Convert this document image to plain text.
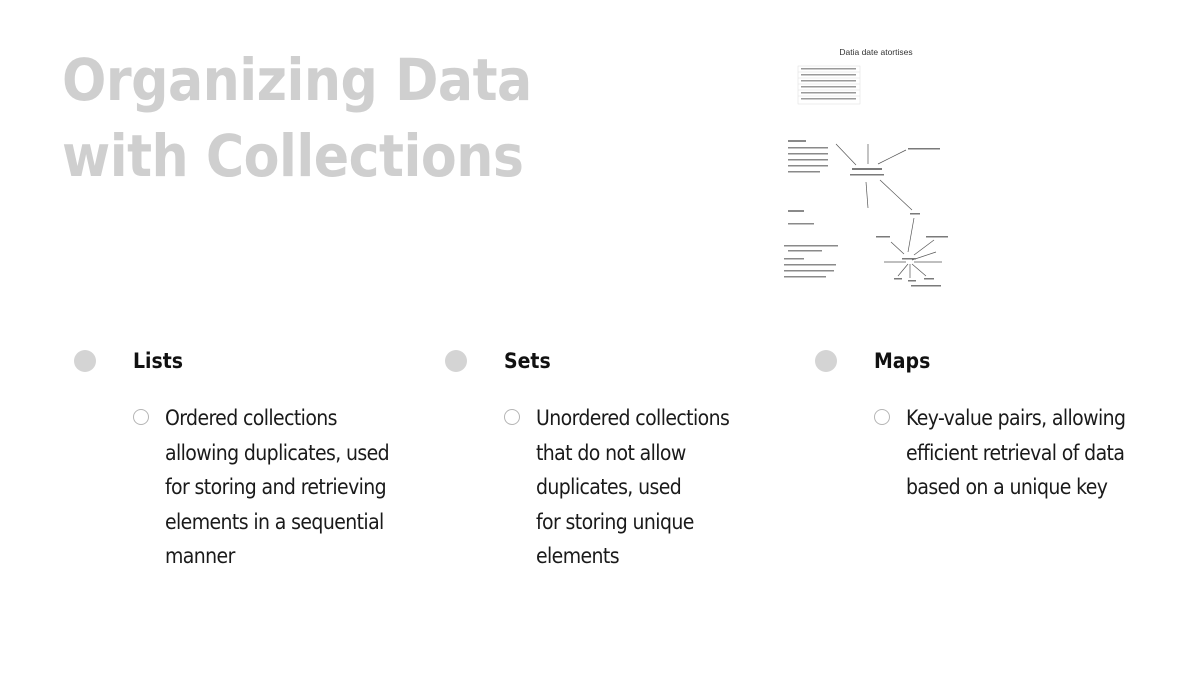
Organizing Data
with Collections
Datia date atortises
Lists
Ordered collections
allowing duplicates, used
for storing and retrieving
elements in a sequential
manner
Sets
Unordered collections
that do not allow
duplicates, used
for storing unique
elements
Maps
Key-value pairs, allowing
efficient retrieval of data
based on a unique key
